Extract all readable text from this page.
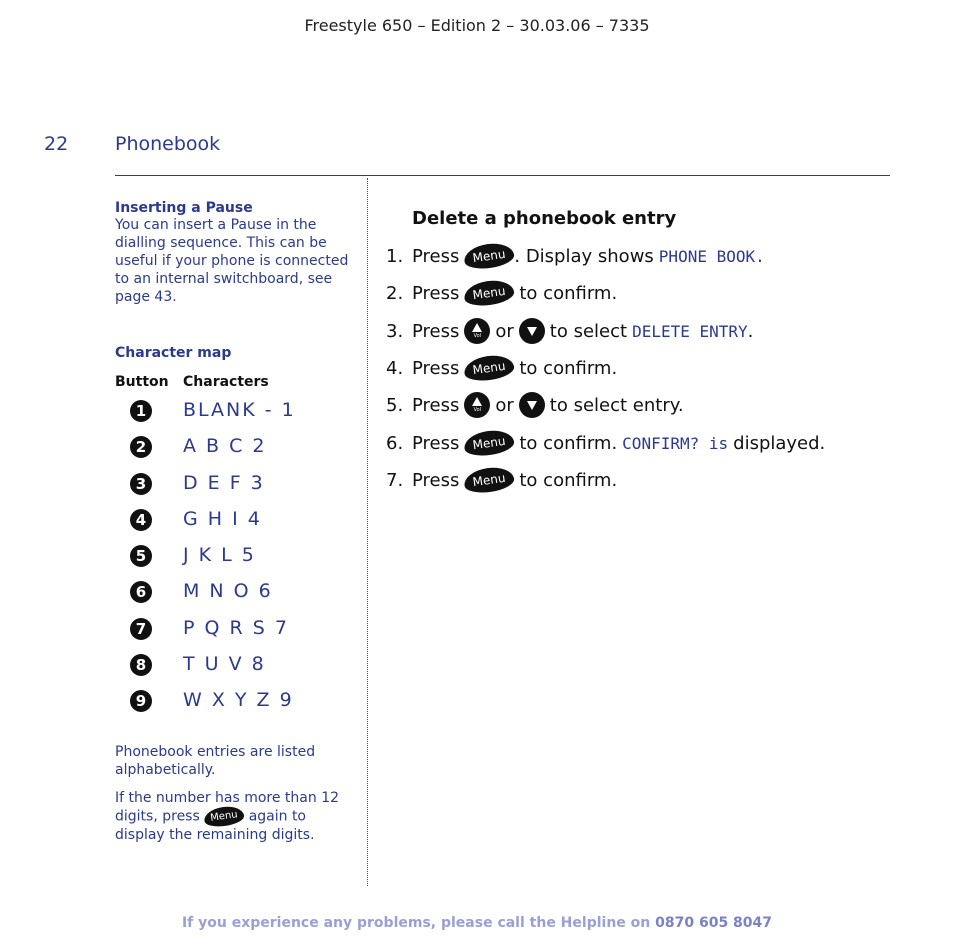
Freestyle 650 – Edition 2 – 30.03.06 – 7335
22 Phonebook
Inserting a Pause
You can insert a Pause in the dialling sequence. This can be useful if your phone is connected to an internal switchboard, see page 43.
Character map
Button Characters
1	BLANK - 1
2	A B C 2
3	D E F 3
4	G H I 4
5	J K L 5
6	M N O 6
7	P Q R S 7
8	T U V 8
9	W X Y Z 9
Phonebook entries are listed alphabetically.
If the number has more than 12 digits, press Menu again to display the remaining digits.
Delete a phonebook entry
1. Press	Menu . Display shows PHONE BOOK.
2. Press	Menu to confirm.
3. Press	Vol or to select DELETE ENTRY .
4. Press	Menu to confirm.
5. Press	Vol or to select entry.
6. Press	Menu to confirm. CONFIRM? is displayed.
7. Press	Menu to confirm.
If you experience any problems, please call the Helpline on 0870 605 8047
